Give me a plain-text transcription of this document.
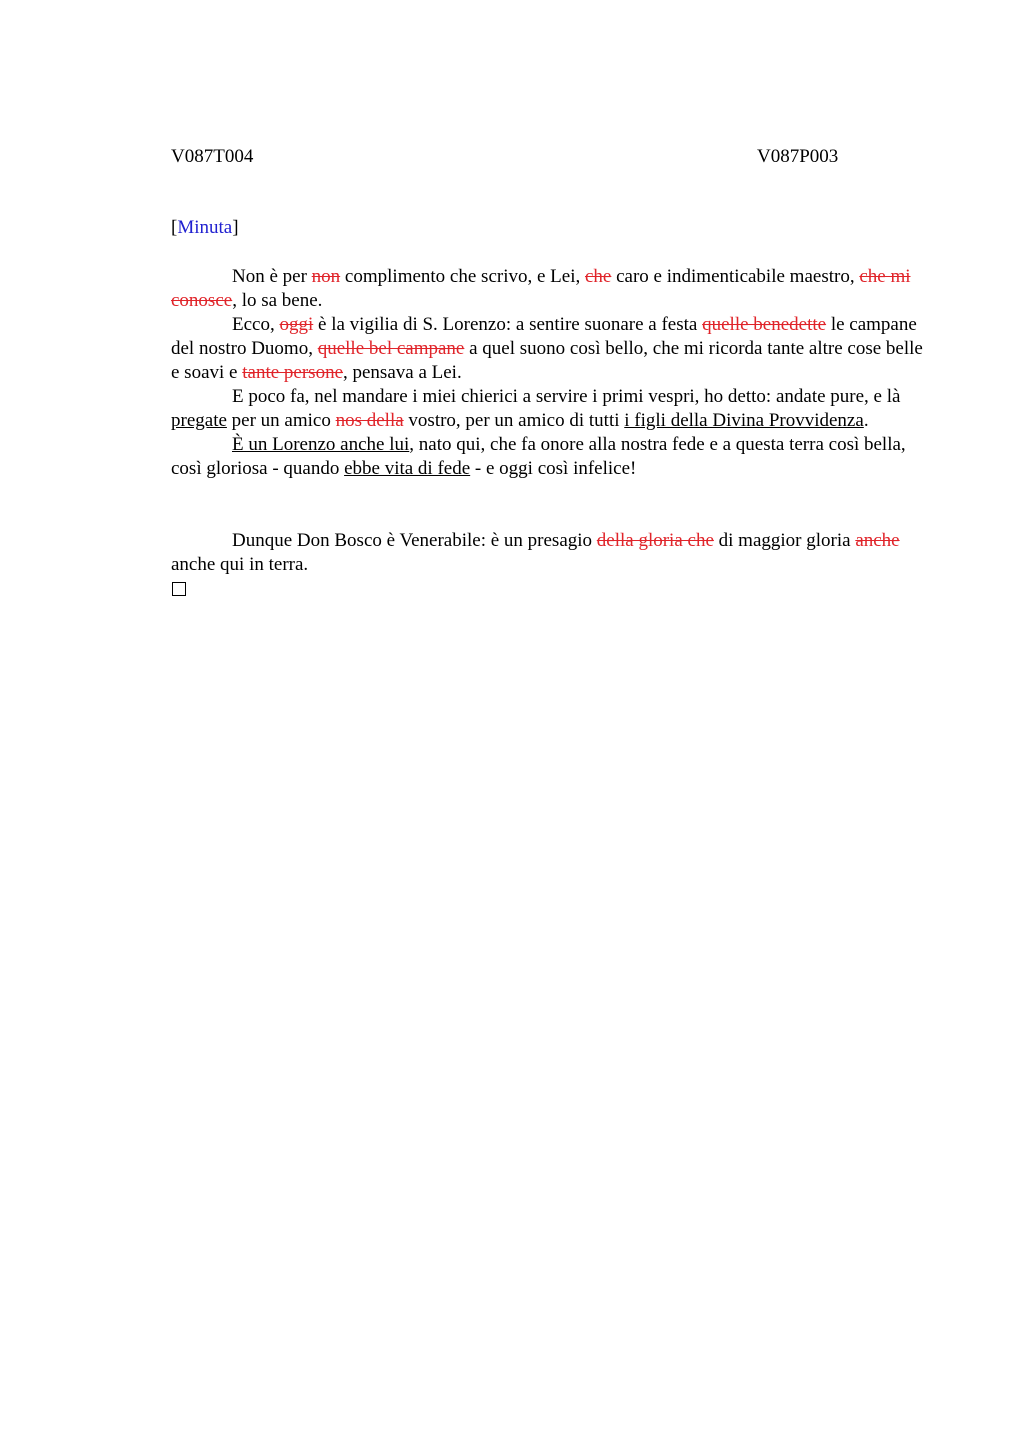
V087T004	V087P003
[Minuta]

Non è per non complimento che scrivo, e Lei, che caro e indimenticabile maestro, che mi conosce, lo sa bene.

Ecco, oggi è la vigilia di S. Lorenzo: a sentire suonare a festa quelle benedette le campane del nostro Duomo, quelle bel campane a quel suono così bello, che mi ricorda tante altre cose belle e soavi e tante persone, pensava a Lei.

E poco fa, nel mandare i miei chierici a servire i primi vespri, ho detto: andate pure, e là pregate per un amico nos della vostro, per un amico di tutti i figli della Divina Provvidenza.

È un Lorenzo anche lui, nato qui, che fa onore alla nostra fede e a questa terra così bella, così gloriosa - quando ebbe vita di fede - e oggi così infelice!

Dunque Don Bosco è Venerabile: è un presagio della gloria che di maggior gloria anche anche qui in terra.
